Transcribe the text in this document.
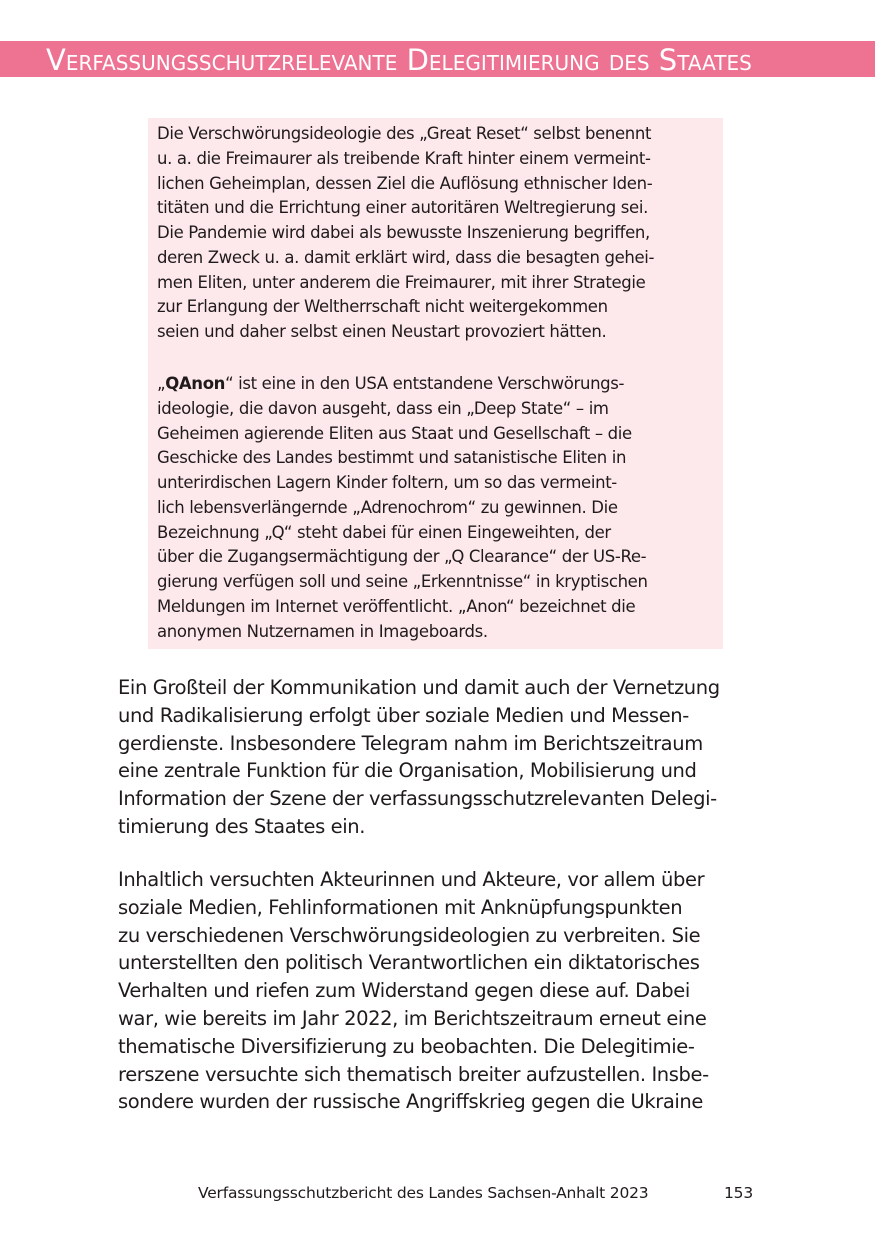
Verfassungsschutzrelevante Delegitimierung des Staates
Die Verschwörungsideologie des „Great Reset“ selbst benennt
u. a. die Freimaurer als treibende Kraft hinter einem vermeint-
lichen Geheimplan, dessen Ziel die Auflösung ethnischer Iden-
titäten und die Errichtung einer autoritären Weltregierung sei.
Die Pandemie wird dabei als bewusste Inszenierung begriffen,
deren Zweck u. a. damit erklärt wird, dass die besagten gehei-
men Eliten, unter anderem die Freimaurer, mit ihrer Strategie
zur Erlangung der Weltherrschaft nicht weitergekommen
seien und daher selbst einen Neustart provoziert hätten.
„QAnon“ ist eine in den USA entstandene Verschwörungs-
ideologie, die davon ausgeht, dass ein „Deep State“ – im
Geheimen agierende Eliten aus Staat und Gesellschaft – die
Geschicke des Landes bestimmt und satanistische Eliten in
unterirdischen Lagern Kinder foltern, um so das vermeint-
lich lebensverlängernde „Adrenochrom“ zu gewinnen. Die
Bezeichnung „Q“ steht dabei für einen Eingeweihten, der
über die Zugangsermächtigung der „Q Clearance“ der US-Re-
gierung verfügen soll und seine „Erkenntnisse“ in kryptischen
Meldungen im Internet veröffentlicht. „Anon“ bezeichnet die
anonymen Nutzernamen in Imageboards.
Ein Großteil der Kommunikation und damit auch der Vernetzung
und Radikalisierung erfolgt über soziale Medien und Messen-
gerdienste. Insbesondere Telegram nahm im Berichtszeitraum
eine zentrale Funktion für die Organisation, Mobilisierung und
Information der Szene der verfassungsschutzrelevanten Delegi-
timierung des Staates ein.
Inhaltlich versuchten Akteurinnen und Akteure, vor allem über
soziale Medien, Fehlinformationen mit Anknüpfungspunkten
zu verschiedenen Verschwörungsideologien zu verbreiten. Sie
unterstellten den politisch Verantwortlichen ein diktatorisches
Verhalten und riefen zum Widerstand gegen diese auf. Dabei
war, wie bereits im Jahr 2022, im Berichtszeitraum erneut eine
thematische Diversifizierung zu beobachten. Die Delegitimie-
rerszene versuchte sich thematisch breiter aufzustellen. Insbe-
sondere wurden der russische Angriffskrieg gegen die Ukraine
Verfassungsschutzbericht des Landes Sachsen-Anhalt 2023	153
